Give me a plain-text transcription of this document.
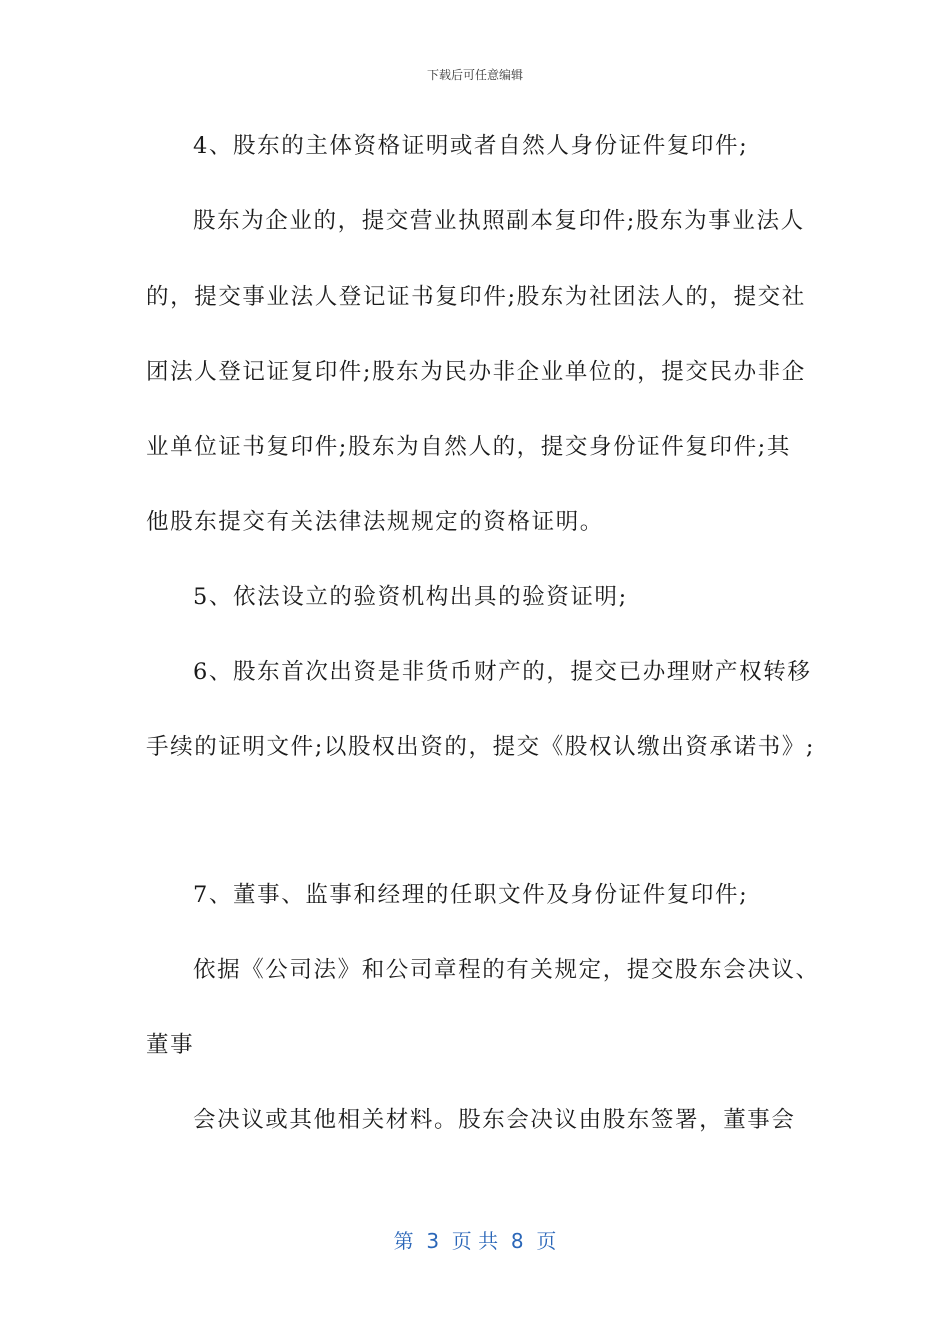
下载后可任意编辑
4、股东的主体资格证明或者自然人身份证件复印件;
股东为企业的，提交营业执照副本复印件;股东为事业法人
的，提交事业法人登记证书复印件;股东为社团法人的，提交社
团法人登记证复印件;股东为民办非企业单位的，提交民办非企
业单位证书复印件;股东为自然人的，提交身份证件复印件;其
他股东提交有关法律法规规定的资格证明。
5、依法设立的验资机构出具的验资证明;
6、股东首次出资是非货币财产的，提交已办理财产权转移
手续的证明文件;以股权出资的，提交《股权认缴出资承诺书》;
7、董事、监事和经理的任职文件及身份证件复印件;
依据《公司法》和公司章程的有关规定，提交股东会决议、
董事
会决议或其他相关材料。股东会决议由股东签署，董事会
第  3  页 共  8  页
